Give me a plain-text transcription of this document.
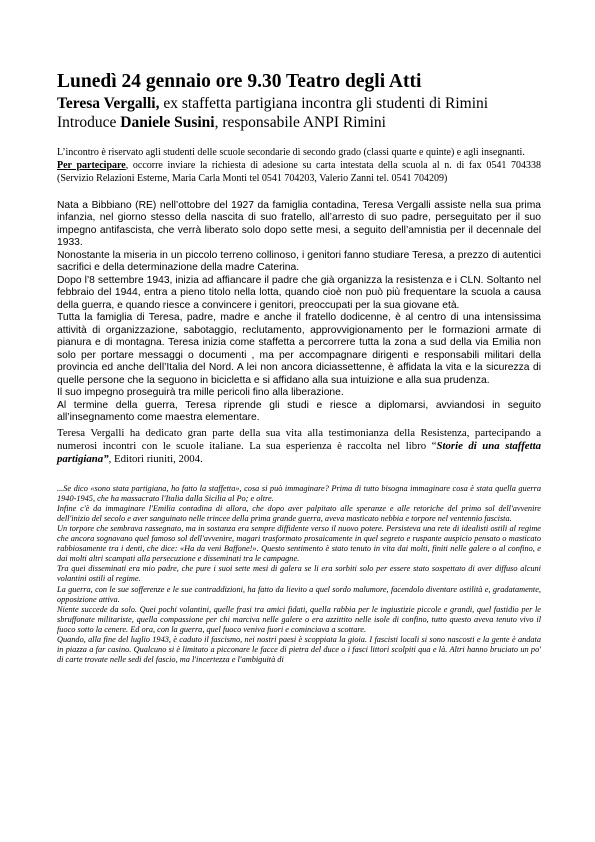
Lunedì 24 gennaio ore 9.30 Teatro degli Atti

Teresa Vergalli, ex staffetta partigiana incontra gli studenti di Rimini

Introduce Daniele Susini, responsabile ANPI Rimini

L’incontro è riservato agli studenti delle scuole secondarie di secondo grado (classi quarte e quinte) e agli insegnanti.

Per partecipare, occorre inviare la richiesta di adesione su carta intestata della scuola al n. di fax 0541 704338 (Servizio Relazioni Esterne, Maria Carla Monti tel 0541 704203, Valerio Zanni tel. 0541 704209)

Nata a Bibbiano (RE) nell’ottobre del 1927 da famiglia contadina, Teresa Vergalli assiste nella sua prima infanzia, nel giorno stesso della nascita di suo fratello, all’arresto di suo padre, perseguitato per il suo impegno antifascista, che verrà liberato solo dopo sette mesi, a seguito dell’amnistia per il decennale del 1933.

Nonostante la miseria in un piccolo terreno collinoso, i genitori fanno studiare Teresa, a prezzo di autentici sacrifici e della determinazione della madre Caterina.

Dopo l’8 settembre 1943, inizia ad affiancare il padre che già organizza la resistenza e i CLN. Soltanto nel febbraio del 1944, entra a pieno titolo nella lotta, quando cioè non può più frequentare la scuola a causa della guerra, e quando riesce a convincere i genitori, preoccupati per la sua giovane età.

Tutta la famiglia di Teresa, padre, madre e anche il fratello dodicenne, è al centro di una intensissima attività di organizzazione, sabotaggio, reclutamento, approvvigionamento per le formazioni armate di pianura e di montagna. Teresa inizia come staffetta a percorrere tutta la zona a sud della via Emilia non solo per portare messaggi o documenti , ma per accompagnare dirigenti e responsabili militari della provincia ed anche dell’Italia del Nord. A lei non ancora diciassettenne, è affidata la vita e la sicurezza di quelle persone che la seguono in bicicletta e si affidano alla sua intuizione e alla sua prudenza.

Il suo impegno proseguirà tra mille pericoli fino alla liberazione.

Al termine della guerra, Teresa riprende gli studi e riesce a diplomarsi, avviandosi in seguito all’insegnamento come maestra elementare.

Teresa Vergalli ha dedicato gran parte della sua vita alla testimonianza della Resistenza, partecipando a numerosi incontri con le scuole italiane. La sua esperienza è raccolta nel libro “Storie di una staffetta partigiana”, Editori riuniti, 2004.

...Se dico «sono stata partigiana, ho fatto la staffetta», cosa si può immaginare? Prima di tutto bisogna immaginare cosa è stata quella guerra 1940-1945, che ha massacrato l'Italia dalla Sicilia al Po; e oltre.

Infine c'è da immaginare l'Emilia contadina di allora, che dopo aver palpitato alle speranze e alle retoriche del primo sol dell'avvenire dell'inizio del secolo e aver sanguinato nelle trincee della prima grande guerra, aveva masticato nebbia e torpore nel ventennio fascista.

Un torpore che sembrava rassegnato, ma in sostanza era sempre diffidente verso il nuovo potere. Persisteva una rete di idealisti ostili al regime che ancora sognavano quel famoso sol dell'avvenire, magari trasformato prosaicamente in quel segreto e ruspante auspicio pensato o masticato rabbiosamente tra i denti, che dice: «Ha da veni Baffone!». Questo sentimento è stato tenuto in vita dai molti, finiti nelle galere o al confino, e dai molti altri scampati alla persecuzione e disseminati tra le campagne.

Tra quei disseminati era mio padre, che pure i suoi sette mesi di galera se li era sorbiti solo per essere stato sospettato di aver diffuso alcuni volantini ostili al regime.

La guerra, con le sue sofferenze e le sue contraddizioni, ha fatto da lievito a quel sordo malumore, facendolo diventare ostilità e, gradatamente, opposizione attiva.

Niente succede da solo. Quei pochi volantini, quelle frasi tra amici fidati, quella rabbia per le ingiustizie piccole e grandi, quel fastidio per le sbruffonate militariste, quella compassione per chi marciva nelle galere o era azzittito nelle isole di confino, tutto questo aveva tenuto vivo il fuoco sotto la cenere. Ed ora, con la guerra, quel fuoco veniva fuori e cominciava a scottare.

Quando, alla fine del luglio 1943, è caduto il fascismo, nei nostri paesi è scoppiata la gioia. I fascisti locali si sono nascosti e la gente è andata in piazza a far casino. Qualcuno si è limitato a picconare le facce di pietra del duce o i fasci littori scolpiti qua e là. Altri hanno bruciato un po' di carte trovate nelle sedi del fascio, ma l'incertezza e l'ambiguità di
